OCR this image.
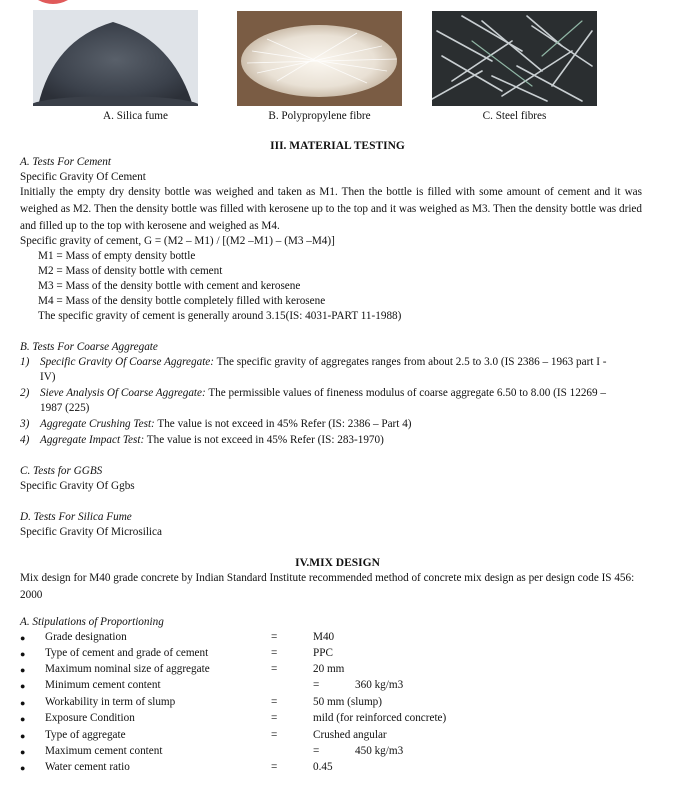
A. Silica fume	B. Polypropylene fibre	C. Steel fibres
III. MATERIAL TESTING
A. Tests For Cement
Specific Gravity Of Cement
Initially the empty dry density bottle was weighed and taken as M1. Then the bottle is filled with some amount of cement and it was weighed as M2. Then the density bottle was filled with kerosene up to the top and it was weighed as M3. Then the density bottle was dried and filled up to the top with kerosene and weighed as M4.
Specific gravity of cement, G = (M2 – M1) / [(M2 –M1) – (M3 –M4)]
M1 = Mass of empty density bottle
M2 = Mass of density bottle with cement
M3 = Mass of the density bottle with cement and kerosene
M4 = Mass of the density bottle completely filled with kerosene
The specific gravity of cement is generally around 3.15(IS: 4031-PART 11-1988)
B. Tests For Coarse Aggregate
1) Specific Gravity Of Coarse Aggregate: The specific gravity of aggregates ranges from about 2.5 to 3.0 (IS 2386 – 1963 part I -
IV)
2) Sieve Analysis Of Coarse Aggregate: The permissible values of fineness modulus of coarse aggregate 6.50 to 8.00 (IS 12269 –
1987 (225)
3) Aggregate Crushing Test: The value is not exceed in 45% Refer (IS: 2386 – Part 4)
4) Aggregate Impact Test: The value is not exceed in 45% Refer (IS: 283-1970)
C. Tests for GGBS
Specific Gravity Of Ggbs
D. Tests For Silica Fume
Specific Gravity Of Microsilica
IV.MIX DESIGN
Mix design for M40 grade concrete by Indian Standard Institute recommended method of concrete mix design as per design code IS 456: 2000
A. Stipulations of Proportioning
● Grade designation	=	M40
● Type of cement and grade of cement	=	PPC
● Maximum nominal size of aggregate	=	20 mm
● Minimum cement content	=	360 kg/m3
● Workability in term of slump	=	50 mm (slump)
● Exposure Condition	=	mild (for reinforced concrete)
● Type of aggregate	=	Crushed angular
● Maximum cement content	=	450 kg/m3
● Water cement ratio	=	0.45
